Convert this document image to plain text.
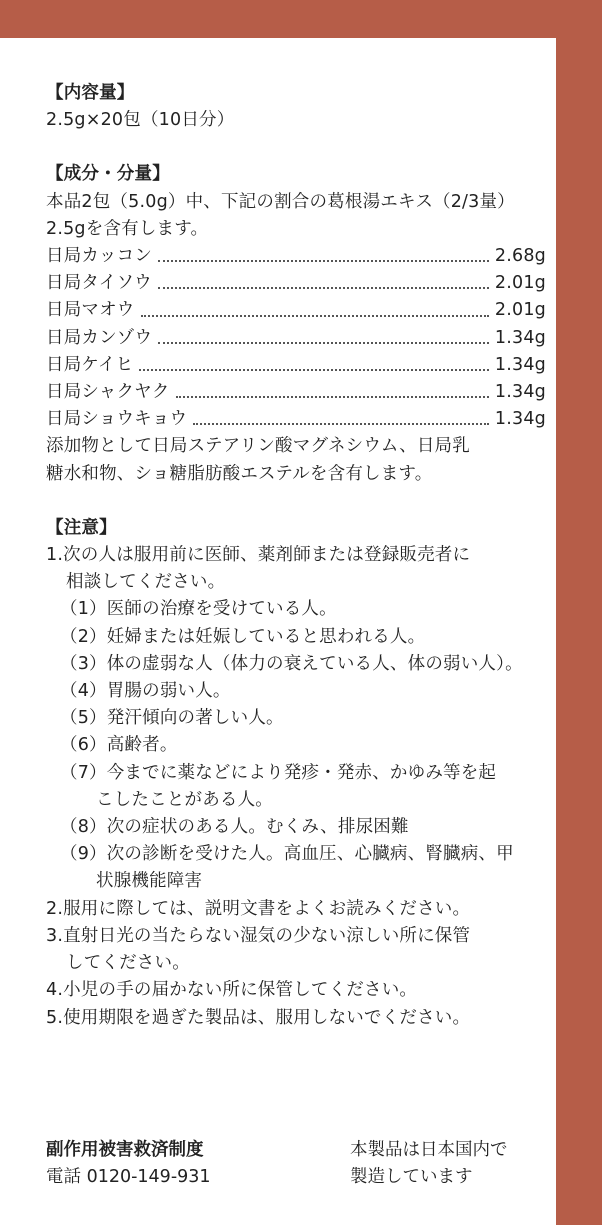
【内容量】
2.5g×20包（10日分）
【成分・分量】
本品2包（5.0g）中、下記の割合の葛根湯エキス（2/3量）
2.5gを含有します。
日局カッコン	2.68g
日局タイソウ	2.01g
日局マオウ	2.01g
日局カンゾウ	1.34g
日局ケイヒ	1.34g
日局シャクヤク	1.34g
日局ショウキョウ	1.34g
添加物として日局ステアリン酸マグネシウム、日局乳
糖水和物、ショ糖脂肪酸エステルを含有します。
【注意】
1.次の人は服用前に医師、薬剤師または登録販売者に
相談してください。
（1）医師の治療を受けている人。
（2）妊婦または妊娠していると思われる人。
（3）体の虚弱な人（体力の衰えている人、体の弱い人）。
（4）胃腸の弱い人。
（5）発汗傾向の著しい人。
（6）高齢者。
（7）今までに薬などにより発疹・発赤、かゆみ等を起
こしたことがある人。
（8）次の症状のある人。むくみ、排尿困難
（9）次の診断を受けた人。高血圧、心臓病、腎臓病、甲
状腺機能障害
2.服用に際しては、説明文書をよくお読みください。
3.直射日光の当たらない湿気の少ない涼しい所に保管
してください。
4.小児の手の届かない所に保管してください。
5.使用期限を過ぎた製品は、服用しないでください。
副作用被害救済制度
電話 0120-149-931
本製品は日本国内で
製造しています
